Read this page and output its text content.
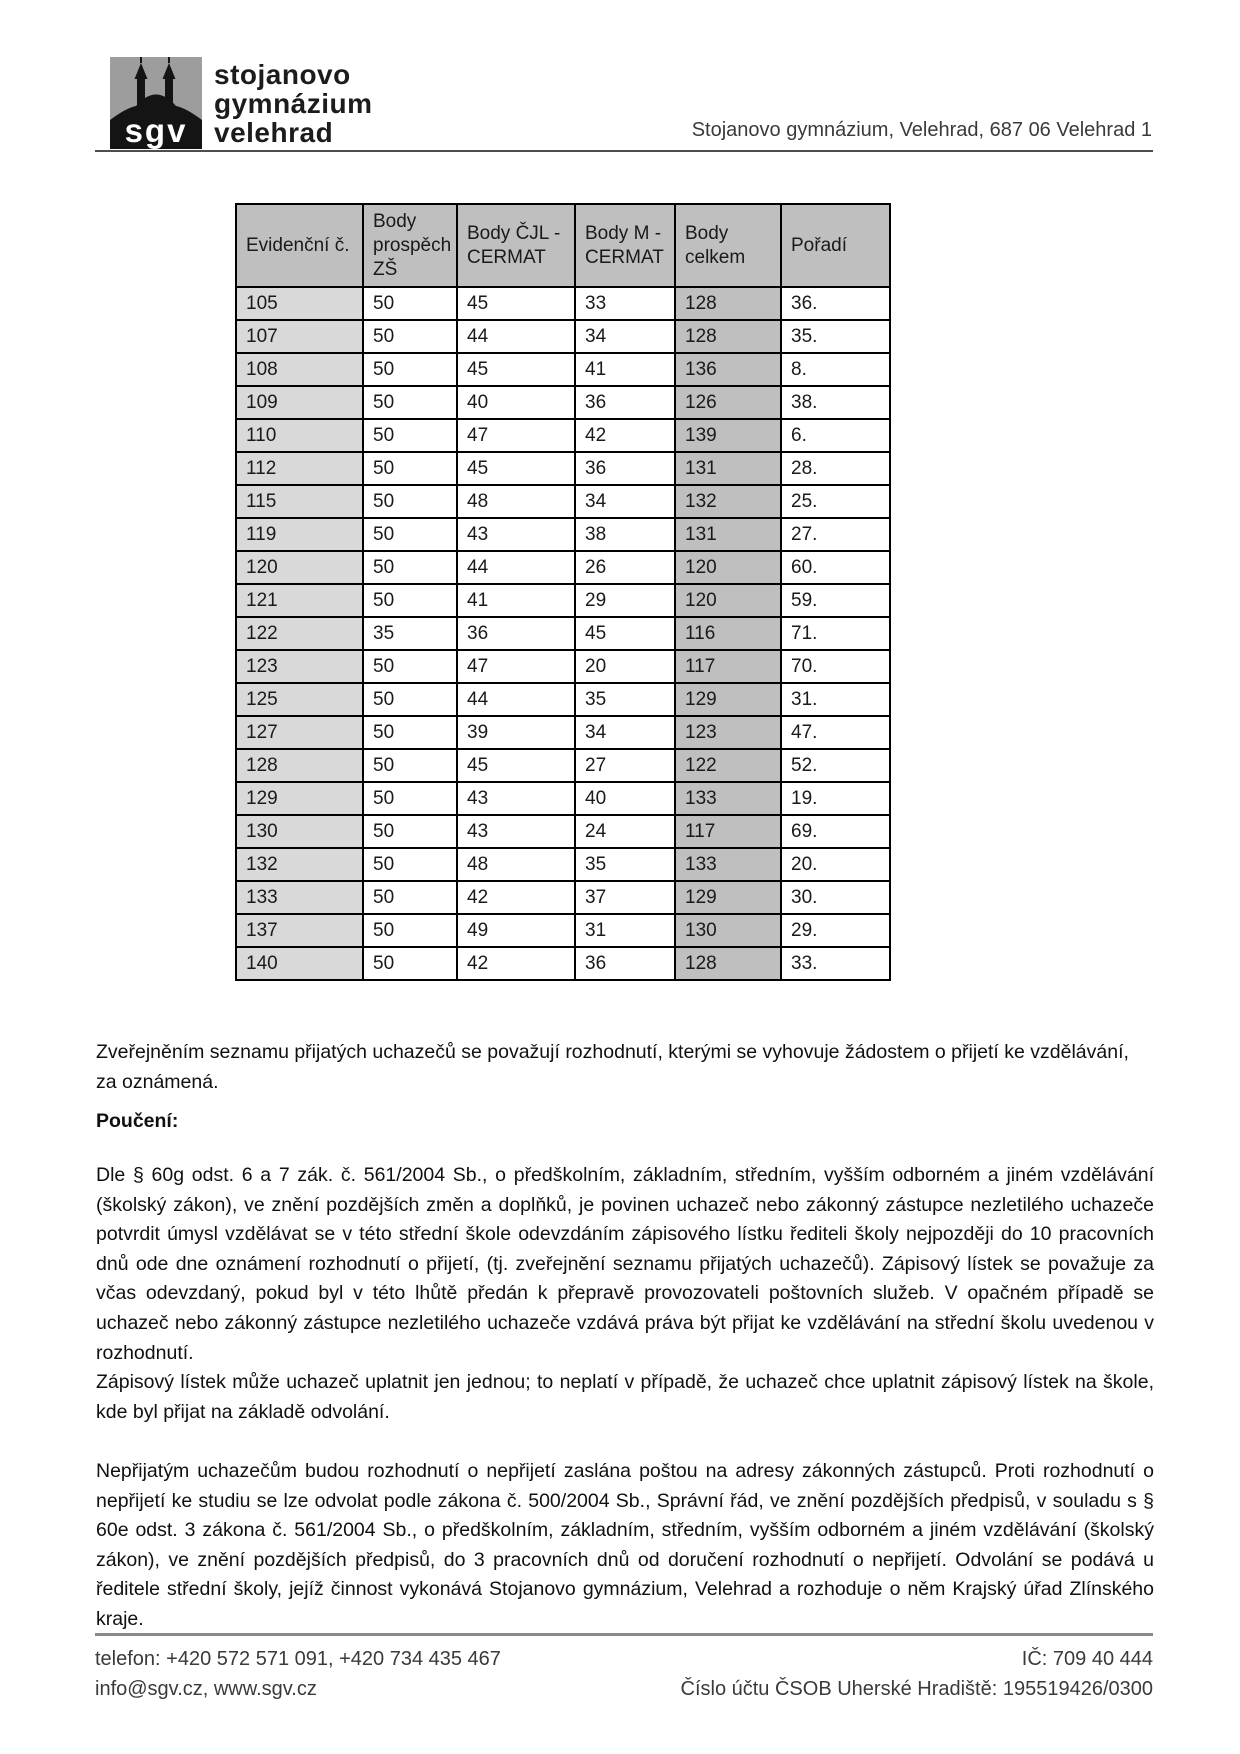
sgv
stojanovo
gymnázium
velehrad	Stojanovo gymnázium, Velehrad, 687 06 Velehrad 1
Evidenční č.	Body prospěch ZŠ	Body ČJL - CERMAT	Body M - CERMAT	Body celkem	Pořadí
105	50	45	33	128	36.
107	50	44	34	128	35.
108	50	45	41	136	8.
109	50	40	36	126	38.
110	50	47	42	139	6.
112	50	45	36	131	28.
115	50	48	34	132	25.
119	50	43	38	131	27.
120	50	44	26	120	60.
121	50	41	29	120	59.
122	35	36	45	116	71.
123	50	47	20	117	70.
125	50	44	35	129	31.
127	50	39	34	123	47.
128	50	45	27	122	52.
129	50	43	40	133	19.
130	50	43	24	117	69.
132	50	48	35	133	20.
133	50	42	37	129	30.
137	50	49	31	130	29.
140	50	42	36	128	33.
Zveřejněním seznamu přijatých uchazečů se považují rozhodnutí, kterými se vyhovuje žádostem o přijetí ke vzdělávání, za oznámená.
Poučení:

Dle § 60g odst. 6 a 7 zák. č. 561/2004 Sb., o předškolním, základním, středním, vyšším odborném a jiném vzdělávání (školský zákon), ve znění pozdějších změn a doplňků, je povinen uchazeč nebo zákonný zástupce nezletilého uchazeče potvrdit úmysl vzdělávat se v této střední škole odevzdáním zápisového lístku řediteli školy nejpozději do 10 pracovních dnů ode dne oznámení rozhodnutí o přijetí, (tj. zveřejnění seznamu přijatých uchazečů). Zápisový lístek se považuje za včas odevzdaný, pokud byl v této lhůtě předán k přepravě provozovateli poštovních služeb. V opačném případě se uchazeč nebo zákonný zástupce nezletilého uchazeče vzdává práva být přijat ke vzdělávání na střední školu uvedenou v rozhodnutí.

Zápisový lístek může uchazeč uplatnit jen jednou; to neplatí v případě, že uchazeč chce uplatnit zápisový lístek na škole, kde byl přijat na základě odvolání.

Nepřijatým uchazečům budou rozhodnutí o nepřijetí zaslána poštou na adresy zákonných zástupců. Proti rozhodnutí o nepřijetí ke studiu se lze odvolat podle zákona č. 500/2004 Sb., Správní řád, ve znění pozdějších předpisů, v souladu s § 60e odst. 3 zákona č. 561/2004 Sb., o předškolním, základním, středním, vyšším odborném a jiném vzdělávání (školský zákon), ve znění pozdějších předpisů, do 3 pracovních dnů od doručení rozhodnutí o nepřijetí. Odvolání se podává u ředitele střední školy, jejíž činnost vykonává Stojanovo gymnázium, Velehrad a rozhoduje o něm Krajský úřad Zlínského kraje.

telefon: +420 572 571 091, +420 734 435 467	IČ: 709 40 444
info@sgv.cz, www.sgv.cz	Číslo účtu ČSOB Uherské Hradiště: 195519426/0300
